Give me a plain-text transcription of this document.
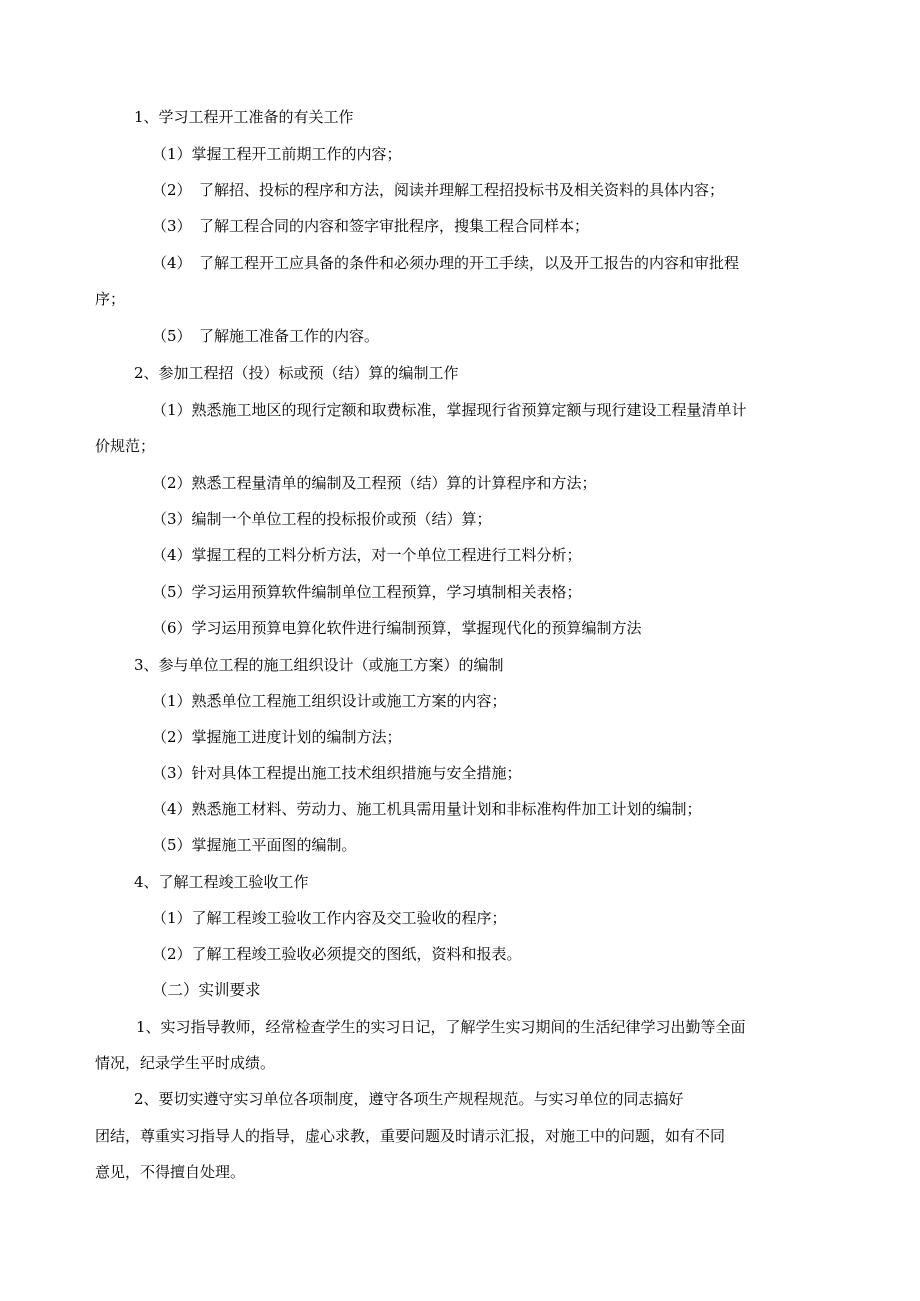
1、学习工程开工准备的有关工作
（1）掌握工程开工前期工作的内容；
（2）　了解招、投标的程序和方法，阅读并理解工程招投标书及相关资料的具体内容；
（3）　了解工程合同的内容和签字审批程序，搜集工程合同样本；
（4）　了解工程开工应具备的条件和必须办理的开工手续，以及开工报告的内容和审批程
序；
（5）　了解施工准备工作的内容。
2、参加工程招（投）标或预（结）算的编制工作
（1）熟悉施工地区的现行定额和取费标准，掌握现行省预算定额与现行建设工程量清单计
价规范；
（2）熟悉工程量清单的编制及工程预（结）算的计算程序和方法；
（3）编制一个单位工程的投标报价或预（结）算；
（4）掌握工程的工料分析方法，对一个单位工程进行工料分析；
（5）学习运用预算软件编制单位工程预算，学习填制相关表格；
（6）学习运用预算电算化软件进行编制预算，掌握现代化的预算编制方法
3、参与单位工程的施工组织设计（或施工方案）的编制
（1）熟悉单位工程施工组织设计或施工方案的内容；
（2）掌握施工进度计划的编制方法；
（3）针对具体工程提出施工技术组织措施与安全措施；
（4）熟悉施工材料、劳动力、施工机具需用量计划和非标准构件加工计划的编制；
（5）掌握施工平面图的编制。
4、了解工程竣工验收工作
（1）了解工程竣工验收工作内容及交工验收的程序；
（2）了解工程竣工验收必须提交的图纸，资料和报表。
（二）实训要求
1、实习指导教师，经常检查学生的实习日记，了解学生实习期间的生活纪律学习出勤等全面
情况，纪录学生平时成绩。
2、要切实遵守实习单位各项制度，遵守各项生产规程规范。与实习单位的同志搞好
团结，尊重实习指导人的指导，虚心求教，重要问题及时请示汇报，对施工中的问题，如有不同
意见，不得擅自处理。
